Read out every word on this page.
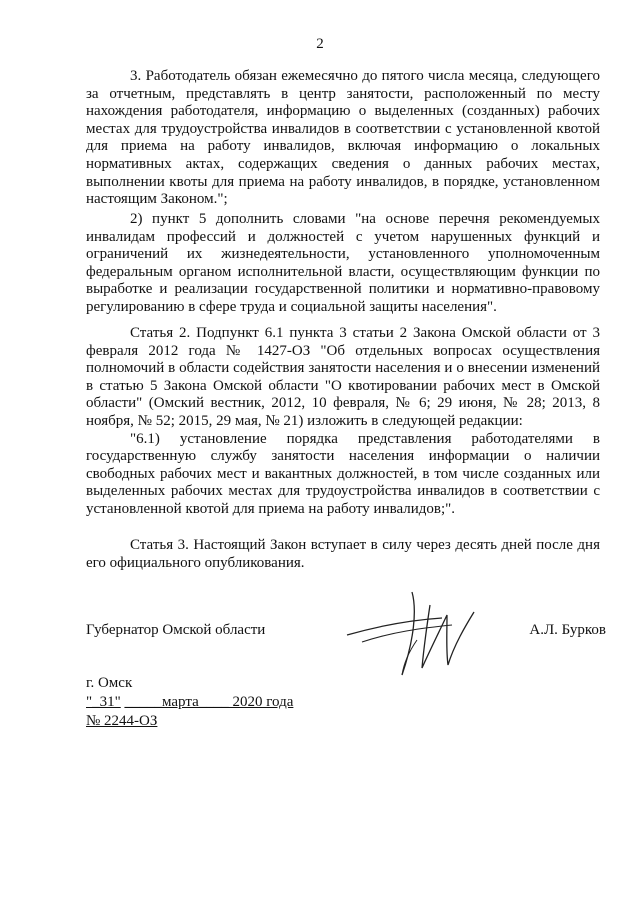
2

3. Работодатель обязан ежемесячно до пятого числа месяца, следующего за отчетным, представлять в центр занятости, расположенный по месту нахождения работодателя, информацию о выделенных (созданных) рабочих местах для трудоустройства инвалидов в соответствии с установленной квотой для приема на работу инвалидов, включая информацию о локальных нормативных актах, содержащих сведения о данных рабочих местах, выполнении квоты для приема на работу инвалидов, в порядке, установленном настоящим Законом.";

2) пункт 5 дополнить словами "на основе перечня рекомендуемых инвалидам профессий и должностей с учетом нарушенных функций и ограничений их жизнедеятельности, установленного уполномоченным федеральным органом исполнительной власти, осуществляющим функции по выработке и реализации государственной политики и нормативно-правовому регулированию в сфере труда и социальной защиты населения".

Статья 2. Подпункт 6.1 пункта 3 статьи 2 Закона Омской области от 3 февраля 2012 года № 1427-ОЗ "Об отдельных вопросах осуществления полномочий в области содействия занятости населения и о внесении изменений в статью 5 Закона Омской области "О квотировании рабочих мест в Омской области" (Омский вестник, 2012, 10 февраля, № 6; 29 июня, № 28; 2013, 8 ноября, № 52; 2015, 29 мая, № 21) изложить в следующей редакции:

"6.1) установление порядка представления работодателями в государственную службу занятости населения информации о наличии свободных рабочих мест и вакантных должностей, в том числе созданных или выделенных рабочих местах для трудоустройства инвалидов в соответствии с установленной квотой для приема на работу инвалидов;".

Статья 3. Настоящий Закон вступает в силу через десять дней после дня его официального опубликования.

Губернатор Омской области	А.Л. Бурков
г. Омск
"_31" _____марта____ 2020 года
№ 2244-ОЗ
